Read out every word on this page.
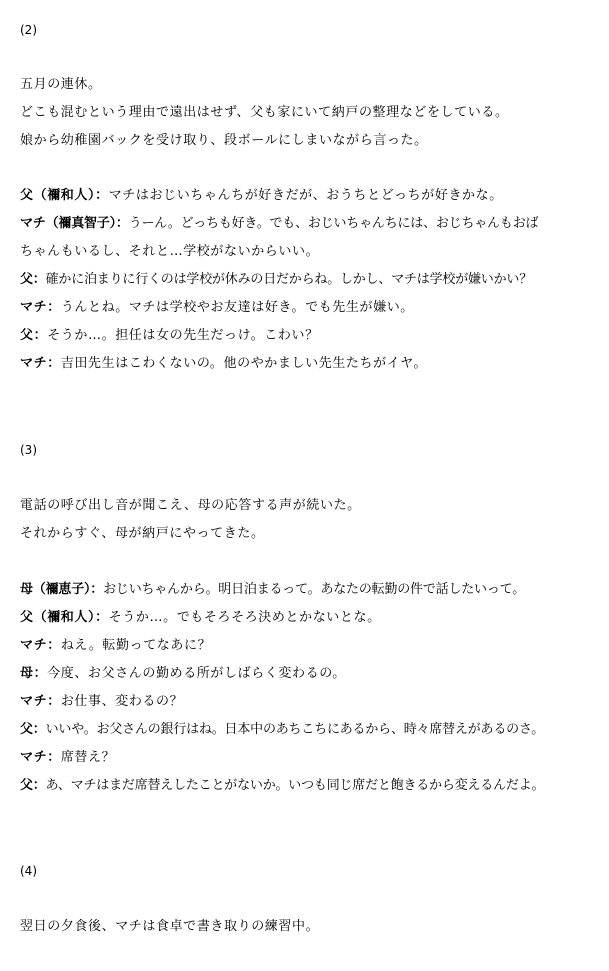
(2)
五月の連休。
どこも混むという理由で遠出はせず、父も家にいて納戸の整理などをしている。
娘から幼稚園バックを受け取り、段ボールにしまいながら言った。
父（禰和人）：マチはおじいちゃんちが好きだが、おうちとどっちが好きかな。
マチ（禰真智子）：うーん。どっちも好き。でも、おじいちゃんちには、おじちゃんもおば
ちゃんもいるし、それと…学校がないからいい。
父：確かに泊まりに行くのは学校が休みの日だからね。しかし、マチは学校が嫌いかい？
マチ：うんとね。マチは学校やお友達は好き。でも先生が嫌い。
父：そうか…。担任は女の先生だっけ。こわい？
マチ：吉田先生はこわくないの。他のやかましい先生たちがイヤ。
(3)
電話の呼び出し音が聞こえ、母の応答する声が続いた。
それからすぐ、母が納戸にやってきた。
母（禰恵子）：おじいちゃんから。明日泊まるって。あなたの転勤の件で話したいって。
父（禰和人）：そうか…。でもそろそろ決めとかないとな。
マチ：ねえ。転勤ってなあに？
母：今度、お父さんの勤める所がしばらく変わるの。
マチ：お仕事、変わるの？
父：いいや。お父さんの銀行はね。日本中のあちこちにあるから、時々席替えがあるのさ。
マチ：席替え？
父：あ、マチはまだ席替えしたことがないか。いつも同じ席だと飽きるから変えるんだよ。
(4)
翌日の夕食後、マチは食卓で書き取りの練習中。
